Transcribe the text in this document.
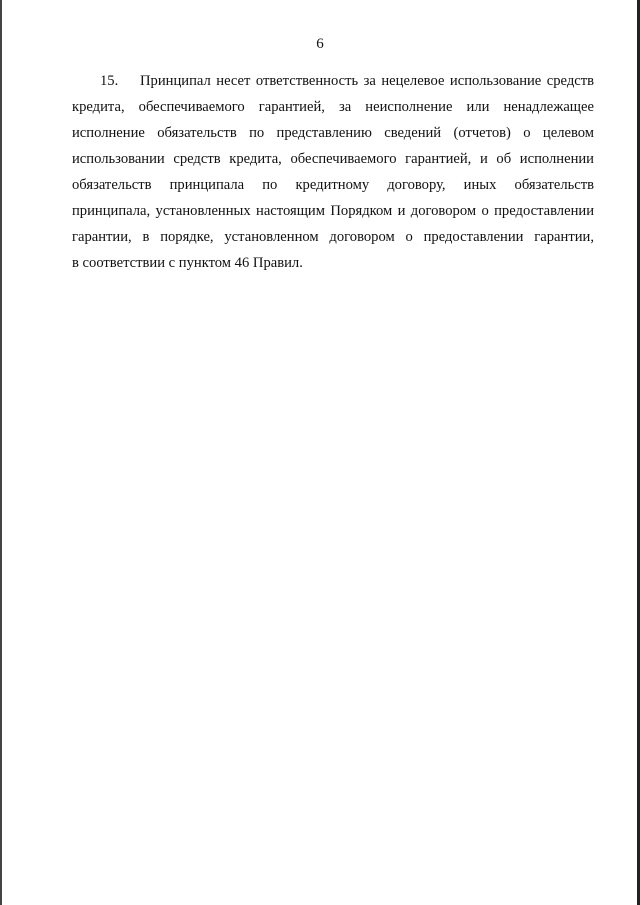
6
15.	Принципал несет ответственность за нецелевое использование средств
кредита, обеспечиваемого гарантией, за неисполнение или ненадлежащее
исполнение обязательств по представлению сведений (отчетов) о целевом
использовании средств кредита, обеспечиваемого гарантией, и об исполнении
обязательств принципала по кредитному договору, иных обязательств
принципала, установленных настоящим Порядком и договором о предоставлении
гарантии, в порядке, установленном договором о предоставлении гарантии,
в соответствии с пунктом 46 Правил.
